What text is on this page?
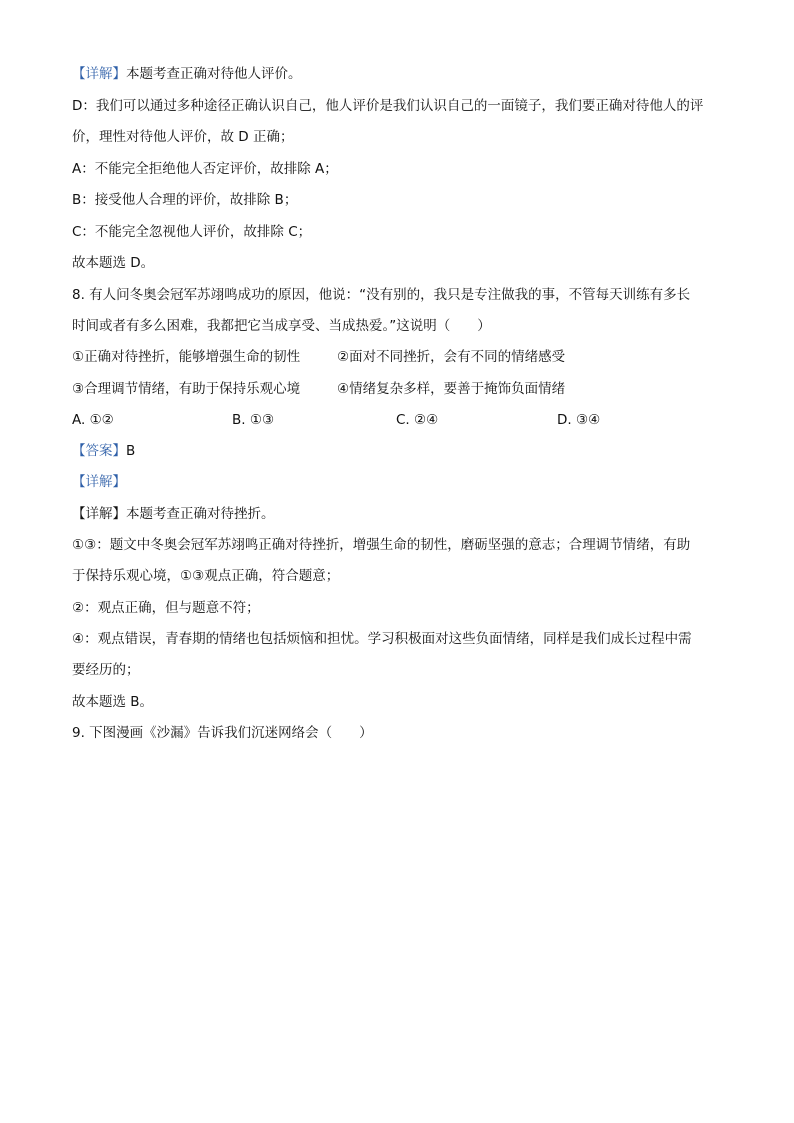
【详解】本题考查正确对待他人评价。
D：我们可以通过多种途径正确认识自己，他人评价是我们认识自己的一面镜子，我们要正确对待他人的评
价，理性对待他人评价，故 D 正确；
A：不能完全拒绝他人否定评价，故排除 A；
B：接受他人合理的评价，故排除 B；
C：不能完全忽视他人评价，故排除 C；
故本题选 D。
8. 有人问冬奥会冠军苏翊鸣成功的原因，他说：“没有别的，我只是专注做我的事，不管每天训练有多长
时间或者有多么困难，我都把它当成享受、当成热爱。”这说明（　　）
①正确对待挫折，能够增强生命的韧性	②面对不同挫折，会有不同的情绪感受
③合理调节情绪，有助于保持乐观心境	④情绪复杂多样，要善于掩饰负面情绪
A. ①②	B. ①③	C. ②④	D. ③④
【答案】B
【详解】
【详解】本题考查正确对待挫折。
①③：题文中冬奥会冠军苏翊鸣正确对待挫折，增强生命的韧性，磨砺坚强的意志；合理调节情绪，有助
于保持乐观心境，①③观点正确，符合题意；
②：观点正确，但与题意不符；
④：观点错误，青春期的情绪也包括烦恼和担忧。学习积极面对这些负面情绪，同样是我们成长过程中需
要经历的；
故本题选 B。
9. 下图漫画《沙漏》告诉我们沉迷网络会（　　）
